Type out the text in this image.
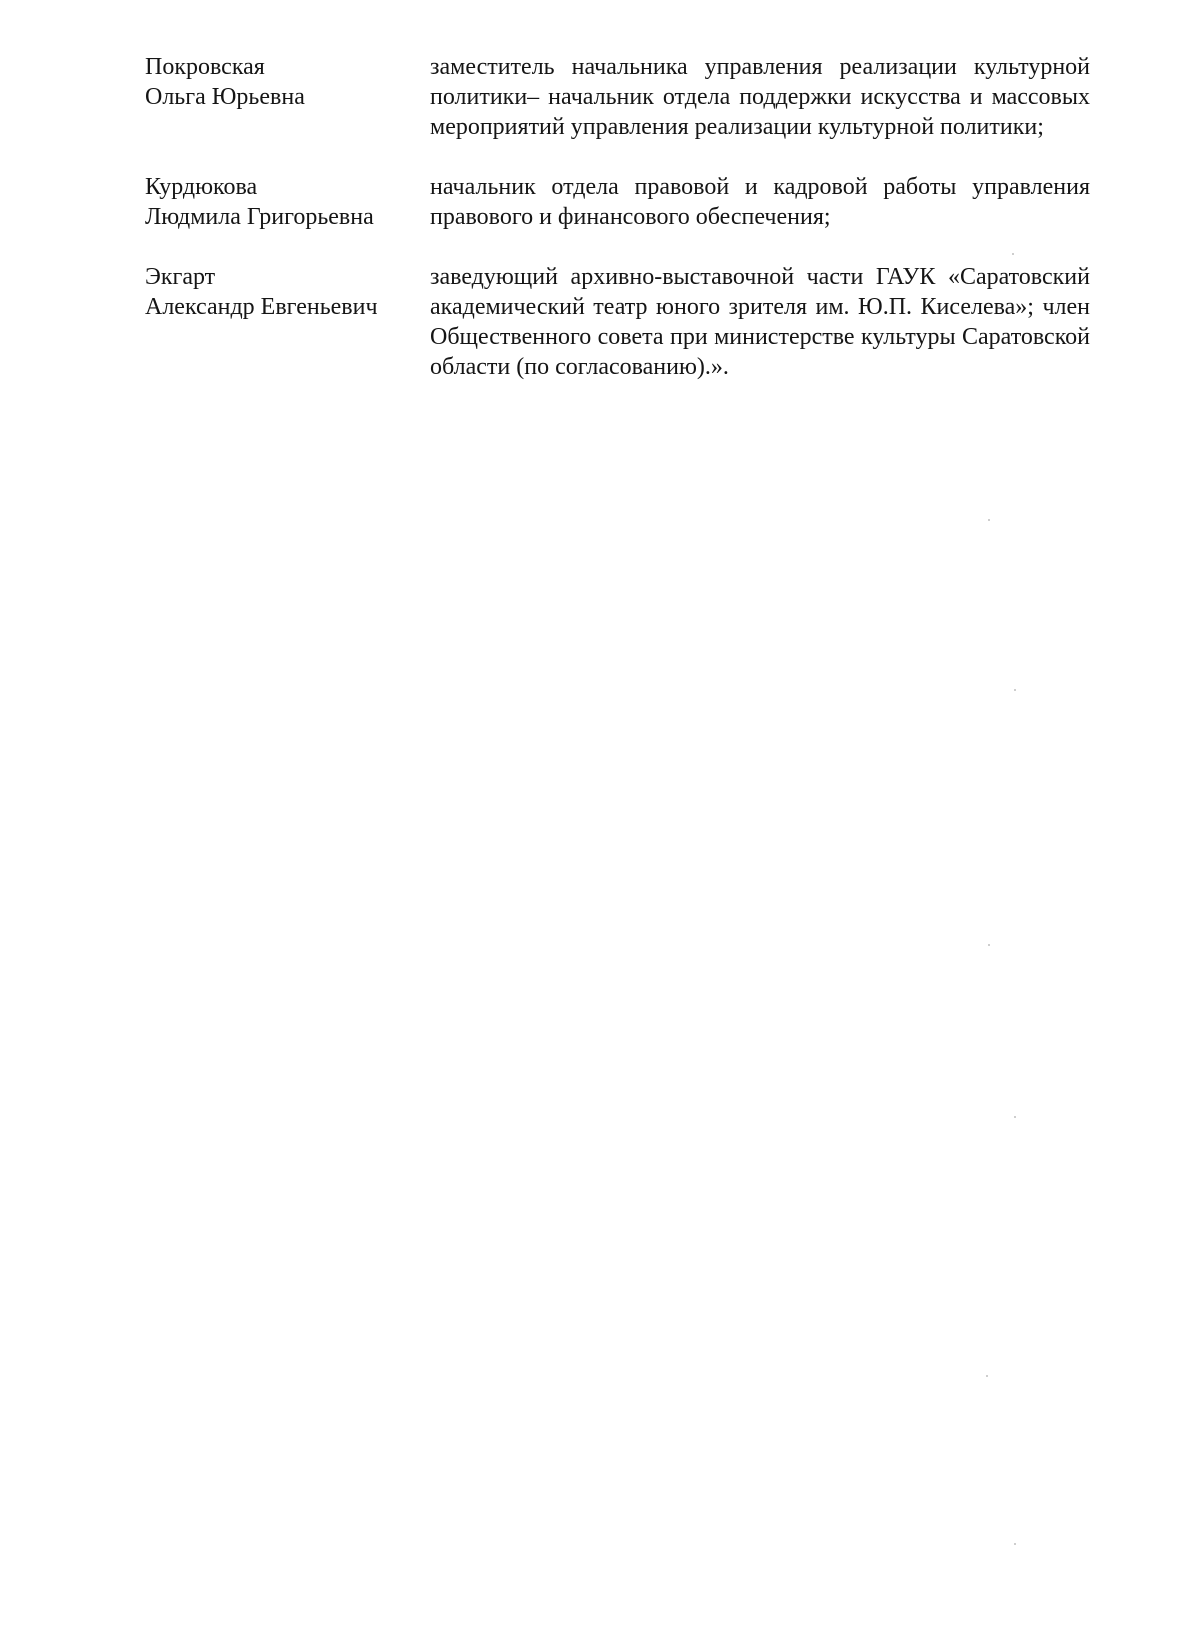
Покровская
Ольга Юрьевна
заместитель начальника управления реализации культурной политики– начальник отдела поддержки искусства и массовых мероприятий управления реализации культурной политики;
Курдюкова
Людмила Григорьевна
начальник отдела правовой и кадровой работы управления правового и финансового обеспечения;
Экгарт
Александр Евгеньевич
заведующий архивно-выставочной части ГАУК «Саратовский академический театр юного зрителя им. Ю.П. Киселева»; член Общественного совета при министерстве культуры Саратовской области (по согласованию).».
